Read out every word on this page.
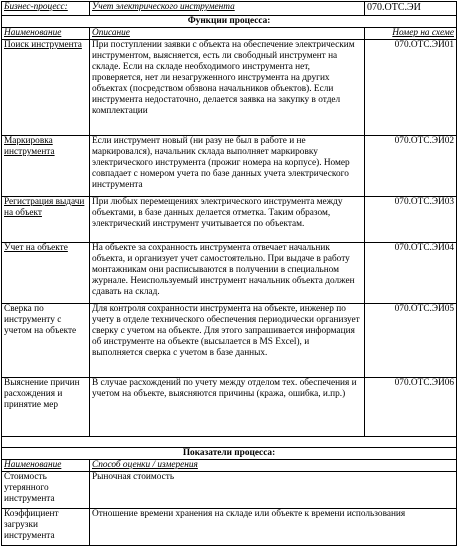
Бизнес-процесс:	Учет электрического инструмента	070.ОТС.ЭИ
Функции процесса:		
Наименование	Описание	Номер на схеме
Поиск инструмента	При поступлении заявки с объекта на обеспечение электрическим инструментом, выясняется, есть ли свободный инструмент на складе. Если на складе необходимого инструмента нет, проверяется, нет ли незагруженного инструмента на других объектах (посредством обзвона начальников объектов). Если инструмента недостаточно, делается заявка на закупку в отдел комплектации	070.ОТС.ЭИ01
Маркировка инструмента	Если инструмент новый (ни разу не был в работе и не маркировался), начальник склада выполняет маркировку электрического инструмента (прожиг номера на корпусе). Номер совпадает с номером учета по базе данных учета электрического инструмента	070.ОТС.ЭИ02
Регистрация выдачи на объект	При любых перемещениях электрического инструмента между объектами, в базе данных делается отметка. Таким образом, электрический инструмент учитывается по объектам.	070.ОТС.ЭИ03
Учет на объекте	На объекте за сохранность инструмента отвечает начальник объекта, и организует учет самостоятельно. При выдаче в работу монтажникам они расписываются в получении в специальном журнале. Неиспользуемый инструмент начальник объекта должен сдавать на склад.	070.ОТС.ЭИ04
Сверка по инструменту с учетом на объекте	Для контроля сохранности инструмента на объекте, инженер по учету в отделе технического обеспечения периодически организует сверку с учетом на объекте. Для этого запрашивается информация об инструменте на объекте (высылается в MS Excel), и выполняется сверка с учетом в базе данных.	070.ОТС.ЭИ05
Выяснение причин расхождения и принятие мер	В случае расхождений по учету между отделом тех. обеспечения и учетом на объекте, выясняются причины (кража, ошибка, и.пр.)	070.ОТС.ЭИ06

Показатели процесса:		
Наименование	Способ оценки / измерения	
Стоимость утерянного инструмента	Рыночная стоимость	
Коэффициент загрузки инструмента	Отношение времени хранения на складе или объекте к времени использования	
